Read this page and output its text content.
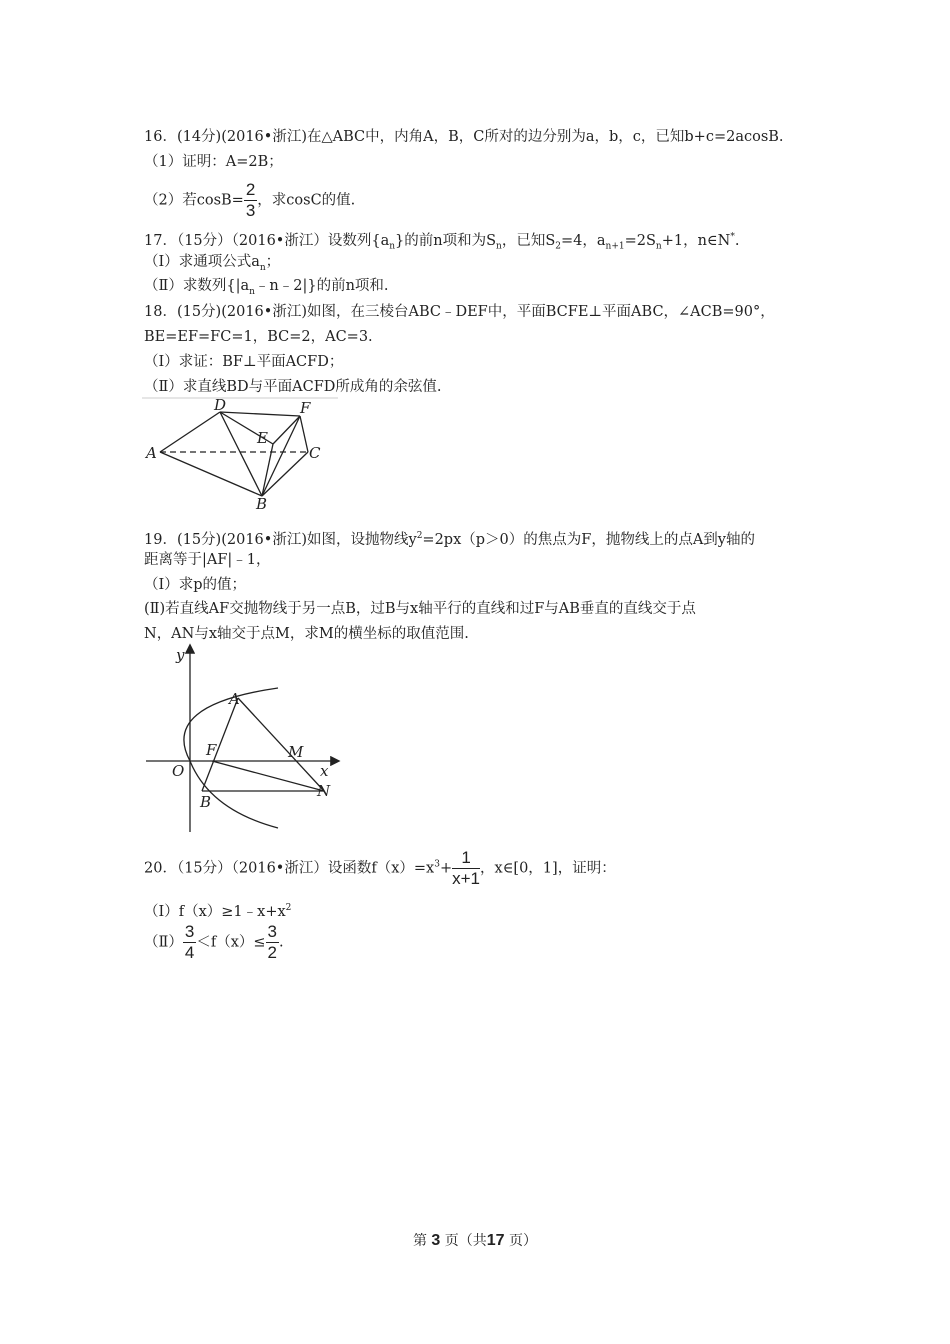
16．(14分)(2016•浙江)在△ABC中，内角A，B，C所对的边分别为a，b，c，已知b+c=2acosB.
（1）证明：A=2B；
（2）若$\cos B= \frac{2}{3}$ ，求cosC的值.
17．（15分）（2016•浙江）设数列$\{a_n\}$的前n项和为$S_n$，已知$S_2=4$，$a_{n+1}=2S_n+1$，n∈N*.
（Ⅰ）求通项公式$a_n$；
（Ⅱ）求数列$\{|a_n﹣n﹣2|\}$的前n项和.
18．(15分)(2016•浙江)如图，在三棱台ABC﹣DEF中，平面BCFE⊥平面ABC，∠ACB=90°，
BE=EF=FC=1，BC=2，AC=3.
（Ⅰ）求证：BF⊥平面ACFD；
（Ⅱ）求直线BD与平面ACFD所成角的余弦值.
A
B
C
D
E
F
19．(15分)(2016•浙江)如图，设抛物线$y^2=2px(p>0)$的焦点为F，抛物线上的点A到y轴的
距离等于|AF|﹣1，
（Ⅰ）求p的值；
(Ⅱ)若直线AF交抛物线于另一点B，过B与x轴平行的直线和过F与AB垂直的直线交于点
N，AN与x轴交于点M，求M的横坐标的取值范围.
y
x
O
A
B
F	M
N
20．（15分）（2016•浙江）设函数$f(x)=x^3+ \frac{1}{x+1}$ ，x∈[0，1]，证明：
$(Ⅰ)f(x)\ge 1﹣x+x^2$
（Ⅱ） $\frac{3}{4} <f(x)\le \frac{3}{2}$ .
第 3 页（共17 页）
